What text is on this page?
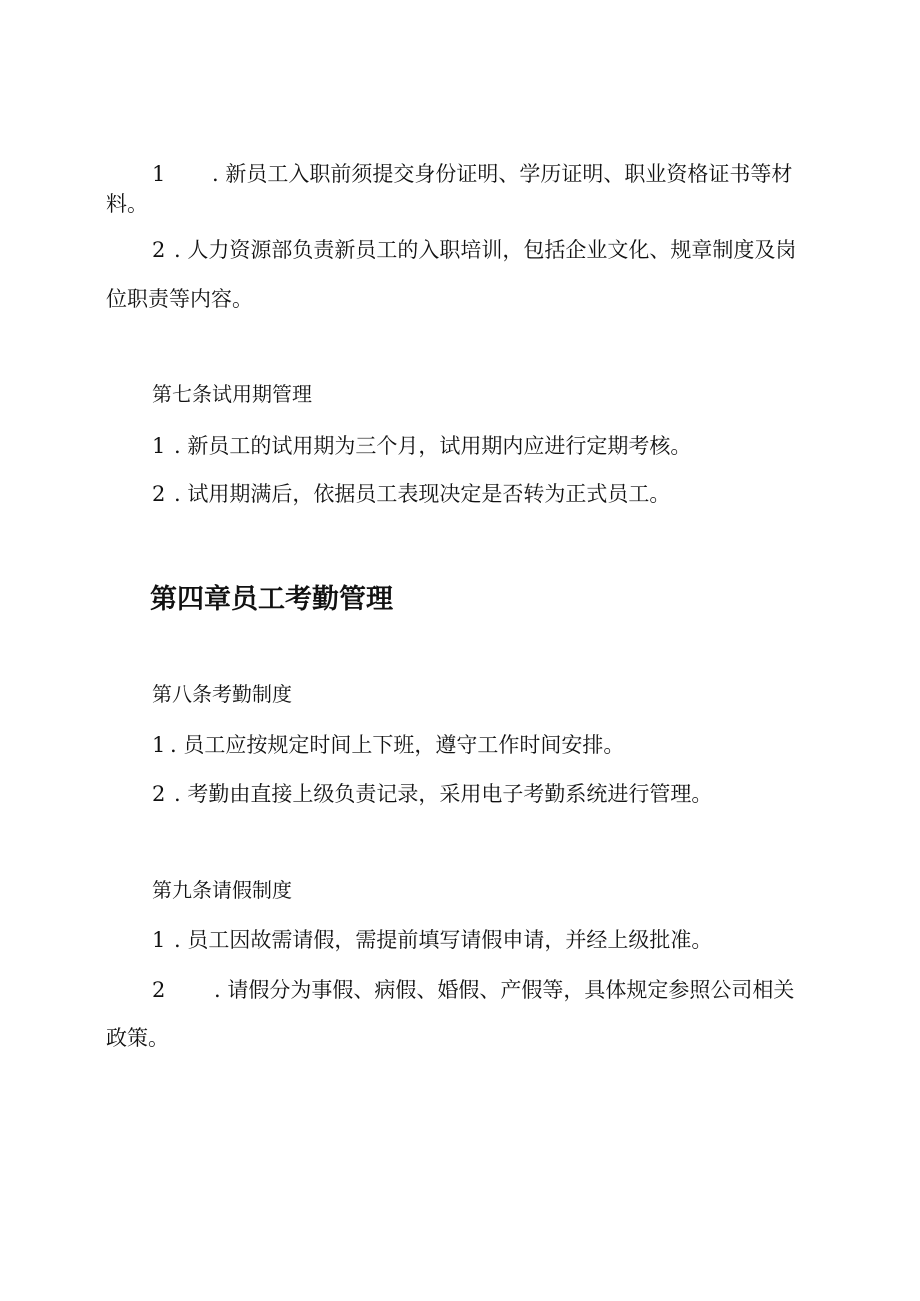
1 . 新员工入职前须提交身份证明、学历证明、职业资格证书等材
料。
2 . 人力资源部负责新员工的入职培训，包括企业文化、规章制度及岗
位职责等内容。
第七条试用期管理
1 . 新员工的试用期为三个月，试用期内应进行定期考核。
2 . 试用期满后，依据员工表现决定是否转为正式员工。
第四章员工考勤管理
第八条考勤制度
1 . 员工应按规定时间上下班，遵守工作时间安排。
2 . 考勤由直接上级负责记录，采用电子考勤系统进行管理。
第九条请假制度
1 . 员工因故需请假，需提前填写请假申请，并经上级批准。
2 . 请假分为事假、病假、婚假、产假等，具体规定参照公司相关
政策。
